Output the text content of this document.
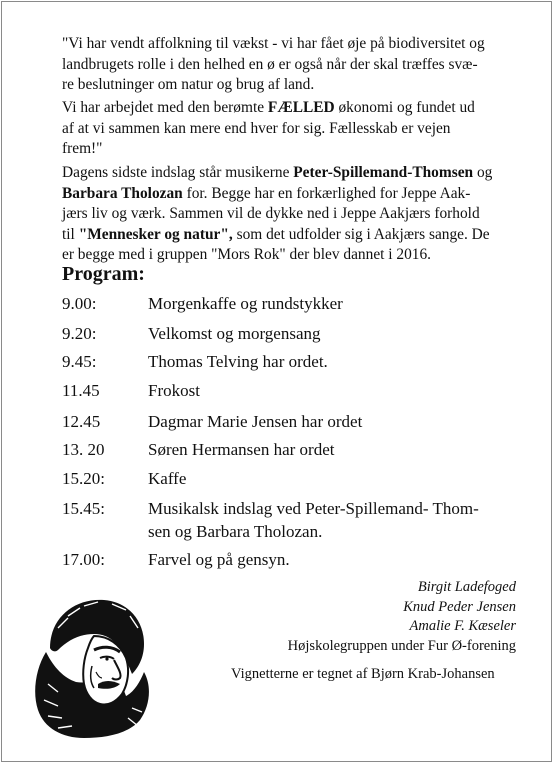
"Vi har vendt affolkning til vækst - vi har fået øje på biodiversitet og
landbrugets rolle i den helhed en ø er også når der skal træffes svæ-
re beslutninger om natur og brug af land.

Vi har arbejdet med den berømte FÆLLED økonomi og fundet ud
af at vi sammen kan mere end hver for sig. Fællesskab er vejen
frem!"

Dagens sidste indslag står musikerne Peter-Spillemand-Thomsen og
Barbara Tholozan for. Begge har en forkærlighed for Jeppe Aak-
jærs liv og værk. Sammen vil de dykke ned i Jeppe Aakjærs forhold
til "Mennesker og natur", som det udfolder sig i Aakjærs sange. De
er begge med i gruppen "Mors Rok" der blev dannet i 2016.

Program:
9.00:	Morgenkaffe og rundstykker
9.20:	Velkomst og morgensang
9.45:	Thomas Telving har ordet.
11.45	Frokost
12.45	Dagmar Marie Jensen har ordet
13. 20	Søren Hermansen har ordet
15.20:	Kaffe
15.45:	Musikalsk indslag ved Peter-Spillemand- Thom-
sen og Barbara Tholozan.
17.00:	Farvel og på gensyn.
Birgit Ladefoged
Knud Peder Jensen
Amalie F. Kæseler
Højskolegruppen under Fur Ø-forening
Vignetterne er tegnet af Bjørn Krab-Johansen
